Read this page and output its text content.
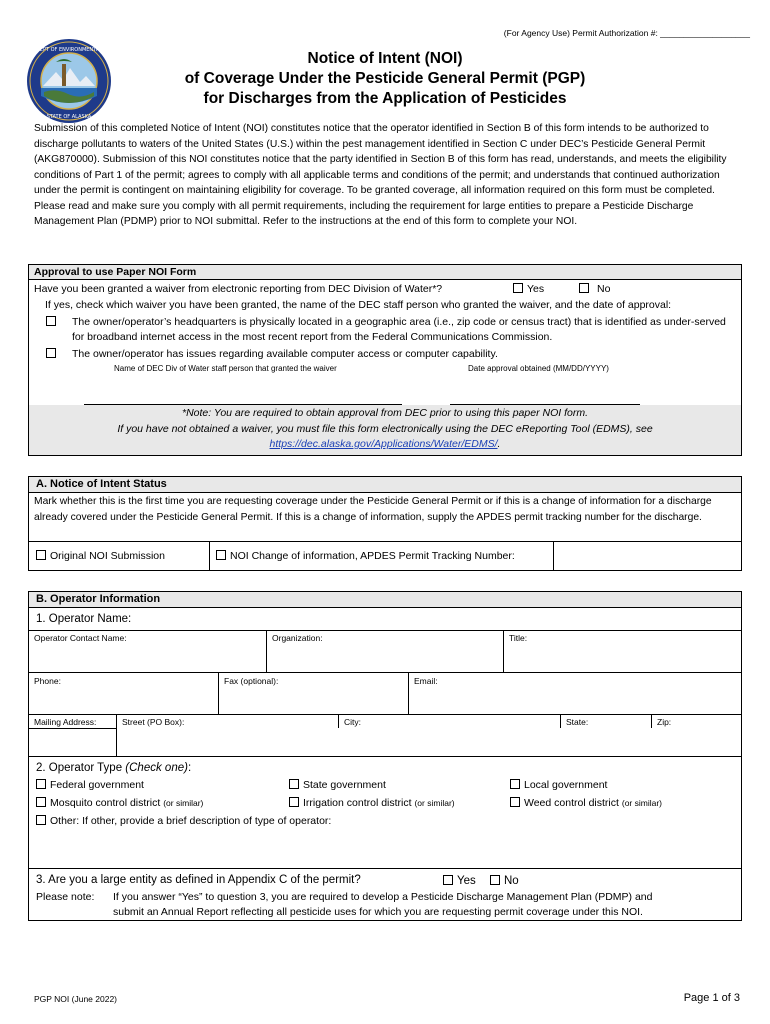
DEPT OF ENVIRONMENTAL
STATE OF ALASKA
(For Agency Use) Permit Authorization #: ___________________
Notice of Intent (NOI)
of Coverage Under the Pesticide General Permit (PGP)
for Discharges from the Application of Pesticides
Submission of this completed Notice of Intent (NOI) constitutes notice that the operator identified in Section B of this form intends to be authorized to discharge pollutants to waters of the United States (U.S.) within the pest management identified in Section C under DEC’s Pesticide General Permit (AKG870000). Submission of this NOI constitutes notice that the party identified in Section B of this form has read, understands, and meets the eligibility conditions of Part 1 of the permit; agrees to comply with all applicable terms and conditions of the permit; and understands that continued authorization under the permit is contingent on maintaining eligibility for coverage. To be granted coverage, all information required on this form must be completed. Please read and make sure you comply with all permit requirements, including the requirement for large entities to prepare a Pesticide Discharge Management Plan (PDMP) prior to NOI submittal. Refer to the instructions at the end of this form to complete your NOI.
Approval to use Paper NOI Form
Have you been granted a waiver from electronic reporting from DEC Division of Water*?	Yes	No
If yes, check which waiver you have been granted, the name of the DEC staff person who granted the waiver, and the date of approval:
The owner/operator’s headquarters is physically located in a geographic area (i.e., zip code or census tract) that is identified as under-served for broadband internet access in the most recent report from the Federal Communications Commission.
The owner/operator has issues regarding available computer access or computer capability.
Name of DEC Div of Water staff person that granted the waiver	Date approval obtained (MM/DD/YYYY)
*Note: You are required to obtain approval from DEC prior to using this paper NOI form.
If you have not obtained a waiver, you must file this form electronically using the DEC eReporting Tool (EDMS), see
https://dec.alaska.gov/Applications/Water/EDMS/.
A. Notice of Intent Status
Mark whether this is the first time you are requesting coverage under the Pesticide General Permit or if this is a change of information for a discharge already covered under the Pesticide General Permit. If this is a change of information, supply the APDES permit tracking number for the discharge.
Original NOI Submission	NOI Change of information, APDES Permit Tracking Number:
B. Operator Information
1. Operator Name:
Operator Contact Name:	Organization:	Title:
Phone:	Fax (optional):	Email:
Mailing Address:	Street (PO Box):	City:	State:	Zip:
2. Operator Type (Check one):
Federal government	State government	Local government
Mosquito control district (or similar)	Irrigation control district (or similar)	Weed control district (or similar)
Other: If other, provide a brief description of type of operator:
3. Are you a large entity as defined in Appendix C of the permit?	Yes	No
Please note: If you answer “Yes” to question 3, you are required to develop a Pesticide Discharge Management Plan (PDMP) and
submit an Annual Report reflecting all pesticide uses for which you are requesting permit coverage under this NOI.
PGP NOI (June 2022)	Page 1 of 3
